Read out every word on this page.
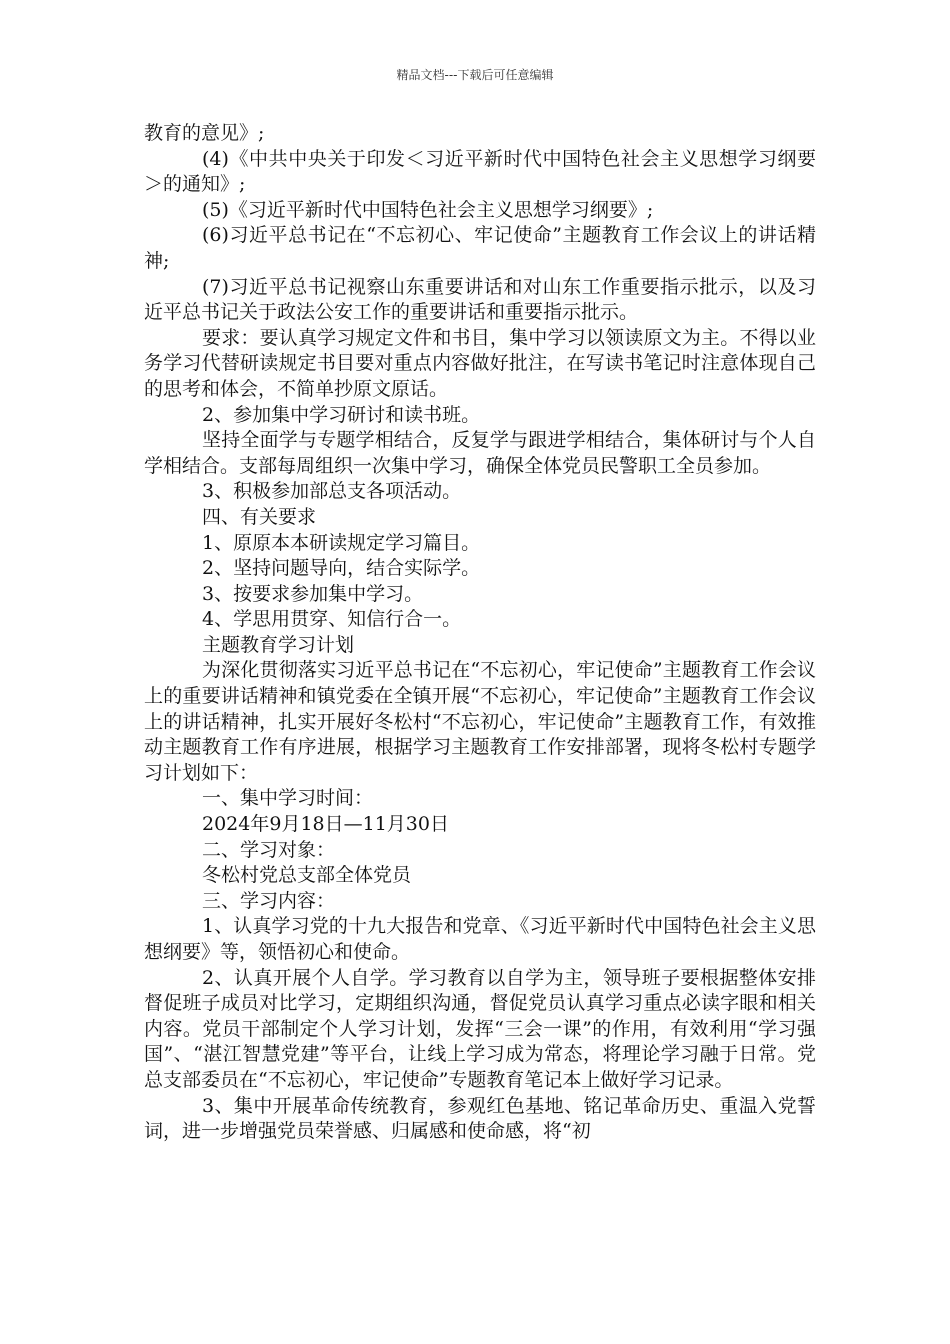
精品文档---下载后可任意编辑

教育的意见》;

(4)《中共中央关于印发＜习近平新时代中国特色社会主义思想学习纲要＞的通知》;

(5)《习近平新时代中国特色社会主义思想学习纲要》;

(6)习近平总书记在“不忘初心、牢记使命”主题教育工作会议上的讲话精神;

(7)习近平总书记视察山东重要讲话和对山东工作重要指示批示，以及习近平总书记关于政法公安工作的重要讲话和重要指示批示。

要求：要认真学习规定文件和书目，集中学习以领读原文为主。不得以业务学习代替研读规定书目要对重点内容做好批注，在写读书笔记时注意体现自己的思考和体会，不简单抄原文原话。

2、参加集中学习研讨和读书班。

坚持全面学与专题学相结合，反复学与跟进学相结合，集体研讨与个人自学相结合。支部每周组织一次集中学习，确保全体党员民警职工全员参加。

3、积极参加部总支各项活动。

四、有关要求

1、原原本本研读规定学习篇目。

2、坚持问题导向，结合实际学。

3、按要求参加集中学习。

4、学思用贯穿、知信行合一。

主题教育学习计划

为深化贯彻落实习近平总书记在“不忘初心，牢记使命”主题教育工作会议上的重要讲话精神和镇党委在全镇开展“不忘初心，牢记使命”主题教育工作会议上的讲话精神，扎实开展好冬松村“不忘初心，牢记使命”主题教育工作，有效推动主题教育工作有序进展，根据学习主题教育工作安排部署，现将冬松村专题学习计划如下：

一、集中学习时间：

2024年9月18日—11月30日

二、学习对象：

冬松村党总支部全体党员

三、学习内容：

1、认真学习党的十九大报告和党章、《习近平新时代中国特色社会主义思想纲要》等，领悟初心和使命。

2、认真开展个人自学。学习教育以自学为主，领导班子要根据整体安排督促班子成员对比学习，定期组织沟通，督促党员认真学习重点必读字眼和相关内容。党员干部制定个人学习计划，发挥“三会一课”的作用，有效利用“学习强国”、“湛江智慧党建”等平台，让线上学习成为常态，将理论学习融于日常。党总支部委员在“不忘初心，牢记使命”专题教育笔记本上做好学习记录。

3、集中开展革命传统教育，参观红色基地、铭记革命历史、重温入党誓词，进一步增强党员荣誉感、归属感和使命感，将“初
